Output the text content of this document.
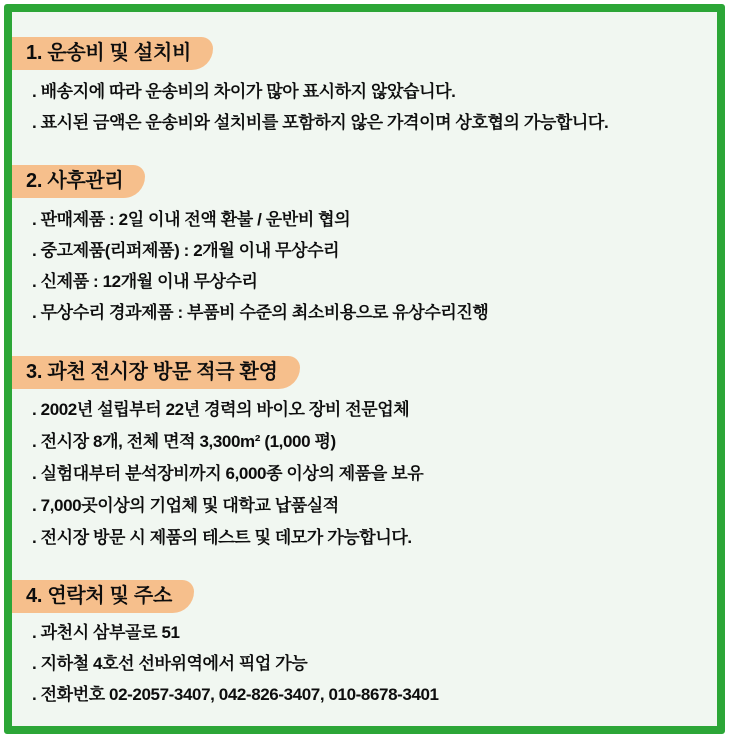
1. 운송비 및 설치비
. 배송지에 따라 운송비의 차이가 많아 표시하지 않았습니다.
. 표시된 금액은 운송비와 설치비를 포함하지 않은 가격이며 상호협의 가능합니다.
2. 사후관리
. 판매제품 : 2일 이내 전액 환불 / 운반비 협의
. 중고제품(리퍼제품) : 2개월 이내 무상수리
. 신제품 : 12개월 이내 무상수리
. 무상수리 경과제품 : 부품비 수준의 최소비용으로 유상수리진행
3. 과천 전시장 방문 적극 환영
. 2002년 설립부터 22년 경력의 바이오 장비 전문업체
. 전시장 8개, 전체 면적 3,300m² (1,000 평)
. 실험대부터 분석장비까지 6,000종 이상의 제품을 보유
. 7,000곳이상의 기업체 및 대학교 납품실적
. 전시장 방문 시 제품의 테스트 및 데모가 가능합니다.
4. 연락처 및 주소
. 과천시 삼부골로 51
. 지하철 4호선 선바위역에서 픽업 가능
. 전화번호 02-2057-3407, 042-826-3407, 010-8678-3401
